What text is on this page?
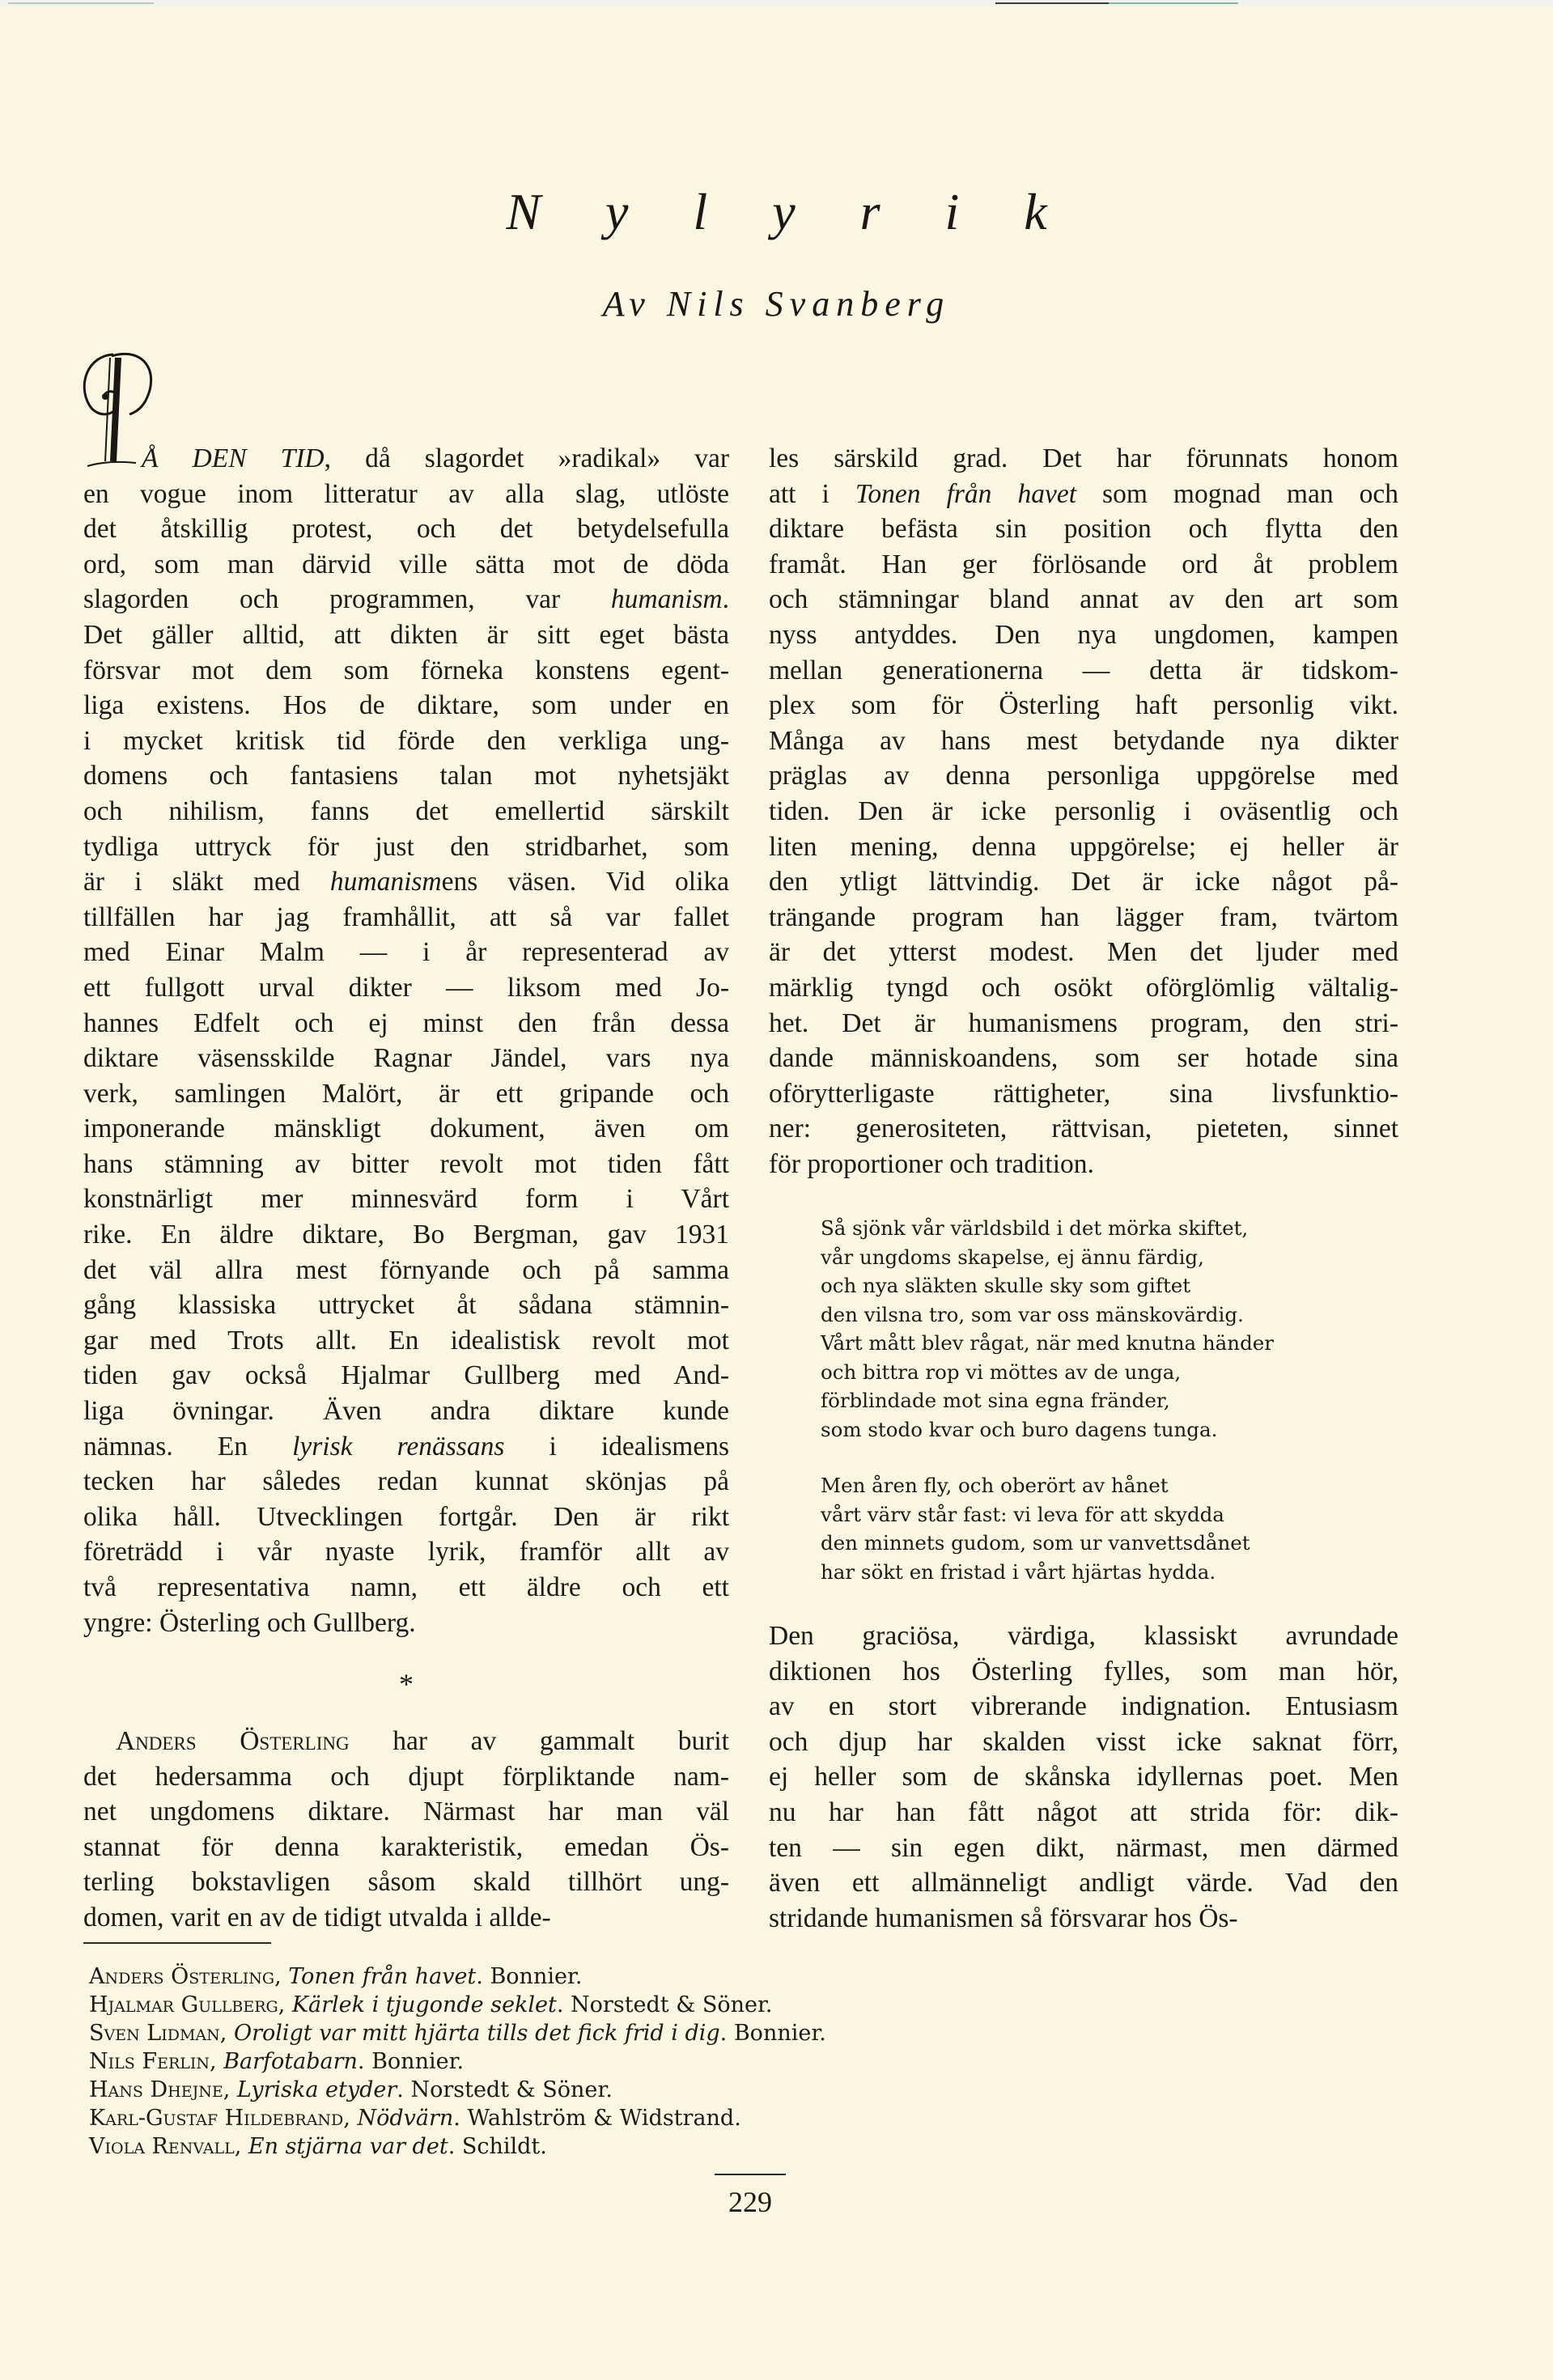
N y l y r i k
Av Nils Svanberg
Å DEN TID, då slagordet »radikal» var
en vogue inom litteratur av alla slag, utlöste
det åtskillig protest, och det betydelsefulla
ord, som man därvid ville sätta mot de döda
slagorden och programmen, var humanism.
Det gäller alltid, att dikten är sitt eget bästa
försvar mot dem som förneka konstens egent-
liga existens. Hos de diktare, som under en
i mycket kritisk tid förde den verkliga ung-
domens och fantasiens talan mot nyhetsjäkt
och nihilism, fanns det emellertid särskilt
tydliga uttryck för just den stridbarhet, som
är i släkt med humanismens väsen. Vid olika
tillfällen har jag framhållit, att så var fallet
med Einar Malm — i år representerad av
ett fullgott urval dikter — liksom med Jo-
hannes Edfelt och ej minst den från dessa
diktare väsensskilde Ragnar Jändel, vars nya
verk, samlingen Malört, är ett gripande och
imponerande mänskligt dokument, även om
hans stämning av bitter revolt mot tiden fått
konstnärligt mer minnesvärd form i Vårt
rike. En äldre diktare, Bo Bergman, gav 1931
det väl allra mest förnyande och på samma
gång klassiska uttrycket åt sådana stämnin-
gar med Trots allt. En idealistisk revolt mot
tiden gav också Hjalmar Gullberg med And-
liga övningar. Även andra diktare kunde
nämnas. En lyrisk renässans i idealismens
tecken har således redan kunnat skönjas på
olika håll. Utvecklingen fortgår. Den är rikt
företrädd i vår nyaste lyrik, framför allt av
två representativa namn, ett äldre och ett
yngre: Österling och Gullberg.
*
Anders Österling har av gammalt burit
det hedersamma och djupt förpliktande nam-
net ungdomens diktare. Närmast har man väl
stannat för denna karakteristik, emedan Ös-
terling bokstavligen såsom skald tillhört ung-
domen, varit en av de tidigt utvalda i allde-
les särskild grad. Det har förunnats honom
att i Tonen från havet som mognad man och
diktare befästa sin position och flytta den
framåt. Han ger förlösande ord åt problem
och stämningar bland annat av den art som
nyss antyddes. Den nya ungdomen, kampen
mellan generationerna — detta är tidskom-
plex som för Österling haft personlig vikt.
Många av hans mest betydande nya dikter
präglas av denna personliga uppgörelse med
tiden. Den är icke personlig i oväsentlig och
liten mening, denna uppgörelse; ej heller är
den ytligt lättvindig. Det är icke något på-
trängande program han lägger fram, tvärtom
är det ytterst modest. Men det ljuder med
märklig tyngd och osökt oförglömlig vältalig-
het. Det är humanismens program, den stri-
dande människoandens, som ser hotade sina
oförytterligaste rättigheter, sina livsfunktio-
ner: generositeten, rättvisan, pieteten, sinnet
för proportioner och tradition.
Så sjönk vår världsbild i det mörka skiftet,
vår ungdoms skapelse, ej ännu färdig,
och nya släkten skulle sky som giftet
den vilsna tro, som var oss mänskovärdig.
Vårt mått blev rågat, när med knutna händer
och bittra rop vi möttes av de unga,
förblindade mot sina egna fränder,
som stodo kvar och buro dagens tunga.
Men åren fly, och oberört av hånet
vårt värv står fast: vi leva för att skydda
den minnets gudom, som ur vanvettsdånet
har sökt en fristad i vårt hjärtas hydda.
Den graciösa, värdiga, klassiskt avrundade
diktionen hos Österling fylles, som man hör,
av en stort vibrerande indignation. Entusiasm
och djup har skalden visst icke saknat förr,
ej heller som de skånska idyllernas poet. Men
nu har han fått något att strida för: dik-
ten — sin egen dikt, närmast, men därmed
även ett allmänneligt andligt värde. Vad den
stridande humanismen så försvarar hos Ös-
Anders Österling, Tonen från havet. Bonnier.
Hjalmar Gullberg, Kärlek i tjugonde seklet. Norstedt & Söner.
Sven Lidman, Oroligt var mitt hjärta tills det fick frid i dig. Bonnier.
Nils Ferlin, Barfotabarn. Bonnier.
Hans Dhejne, Lyriska etyder. Norstedt & Söner.
Karl-Gustaf Hildebrand, Nödvärn. Wahlström & Widstrand.
Viola Renvall, En stjärna var det. Schildt.
229
